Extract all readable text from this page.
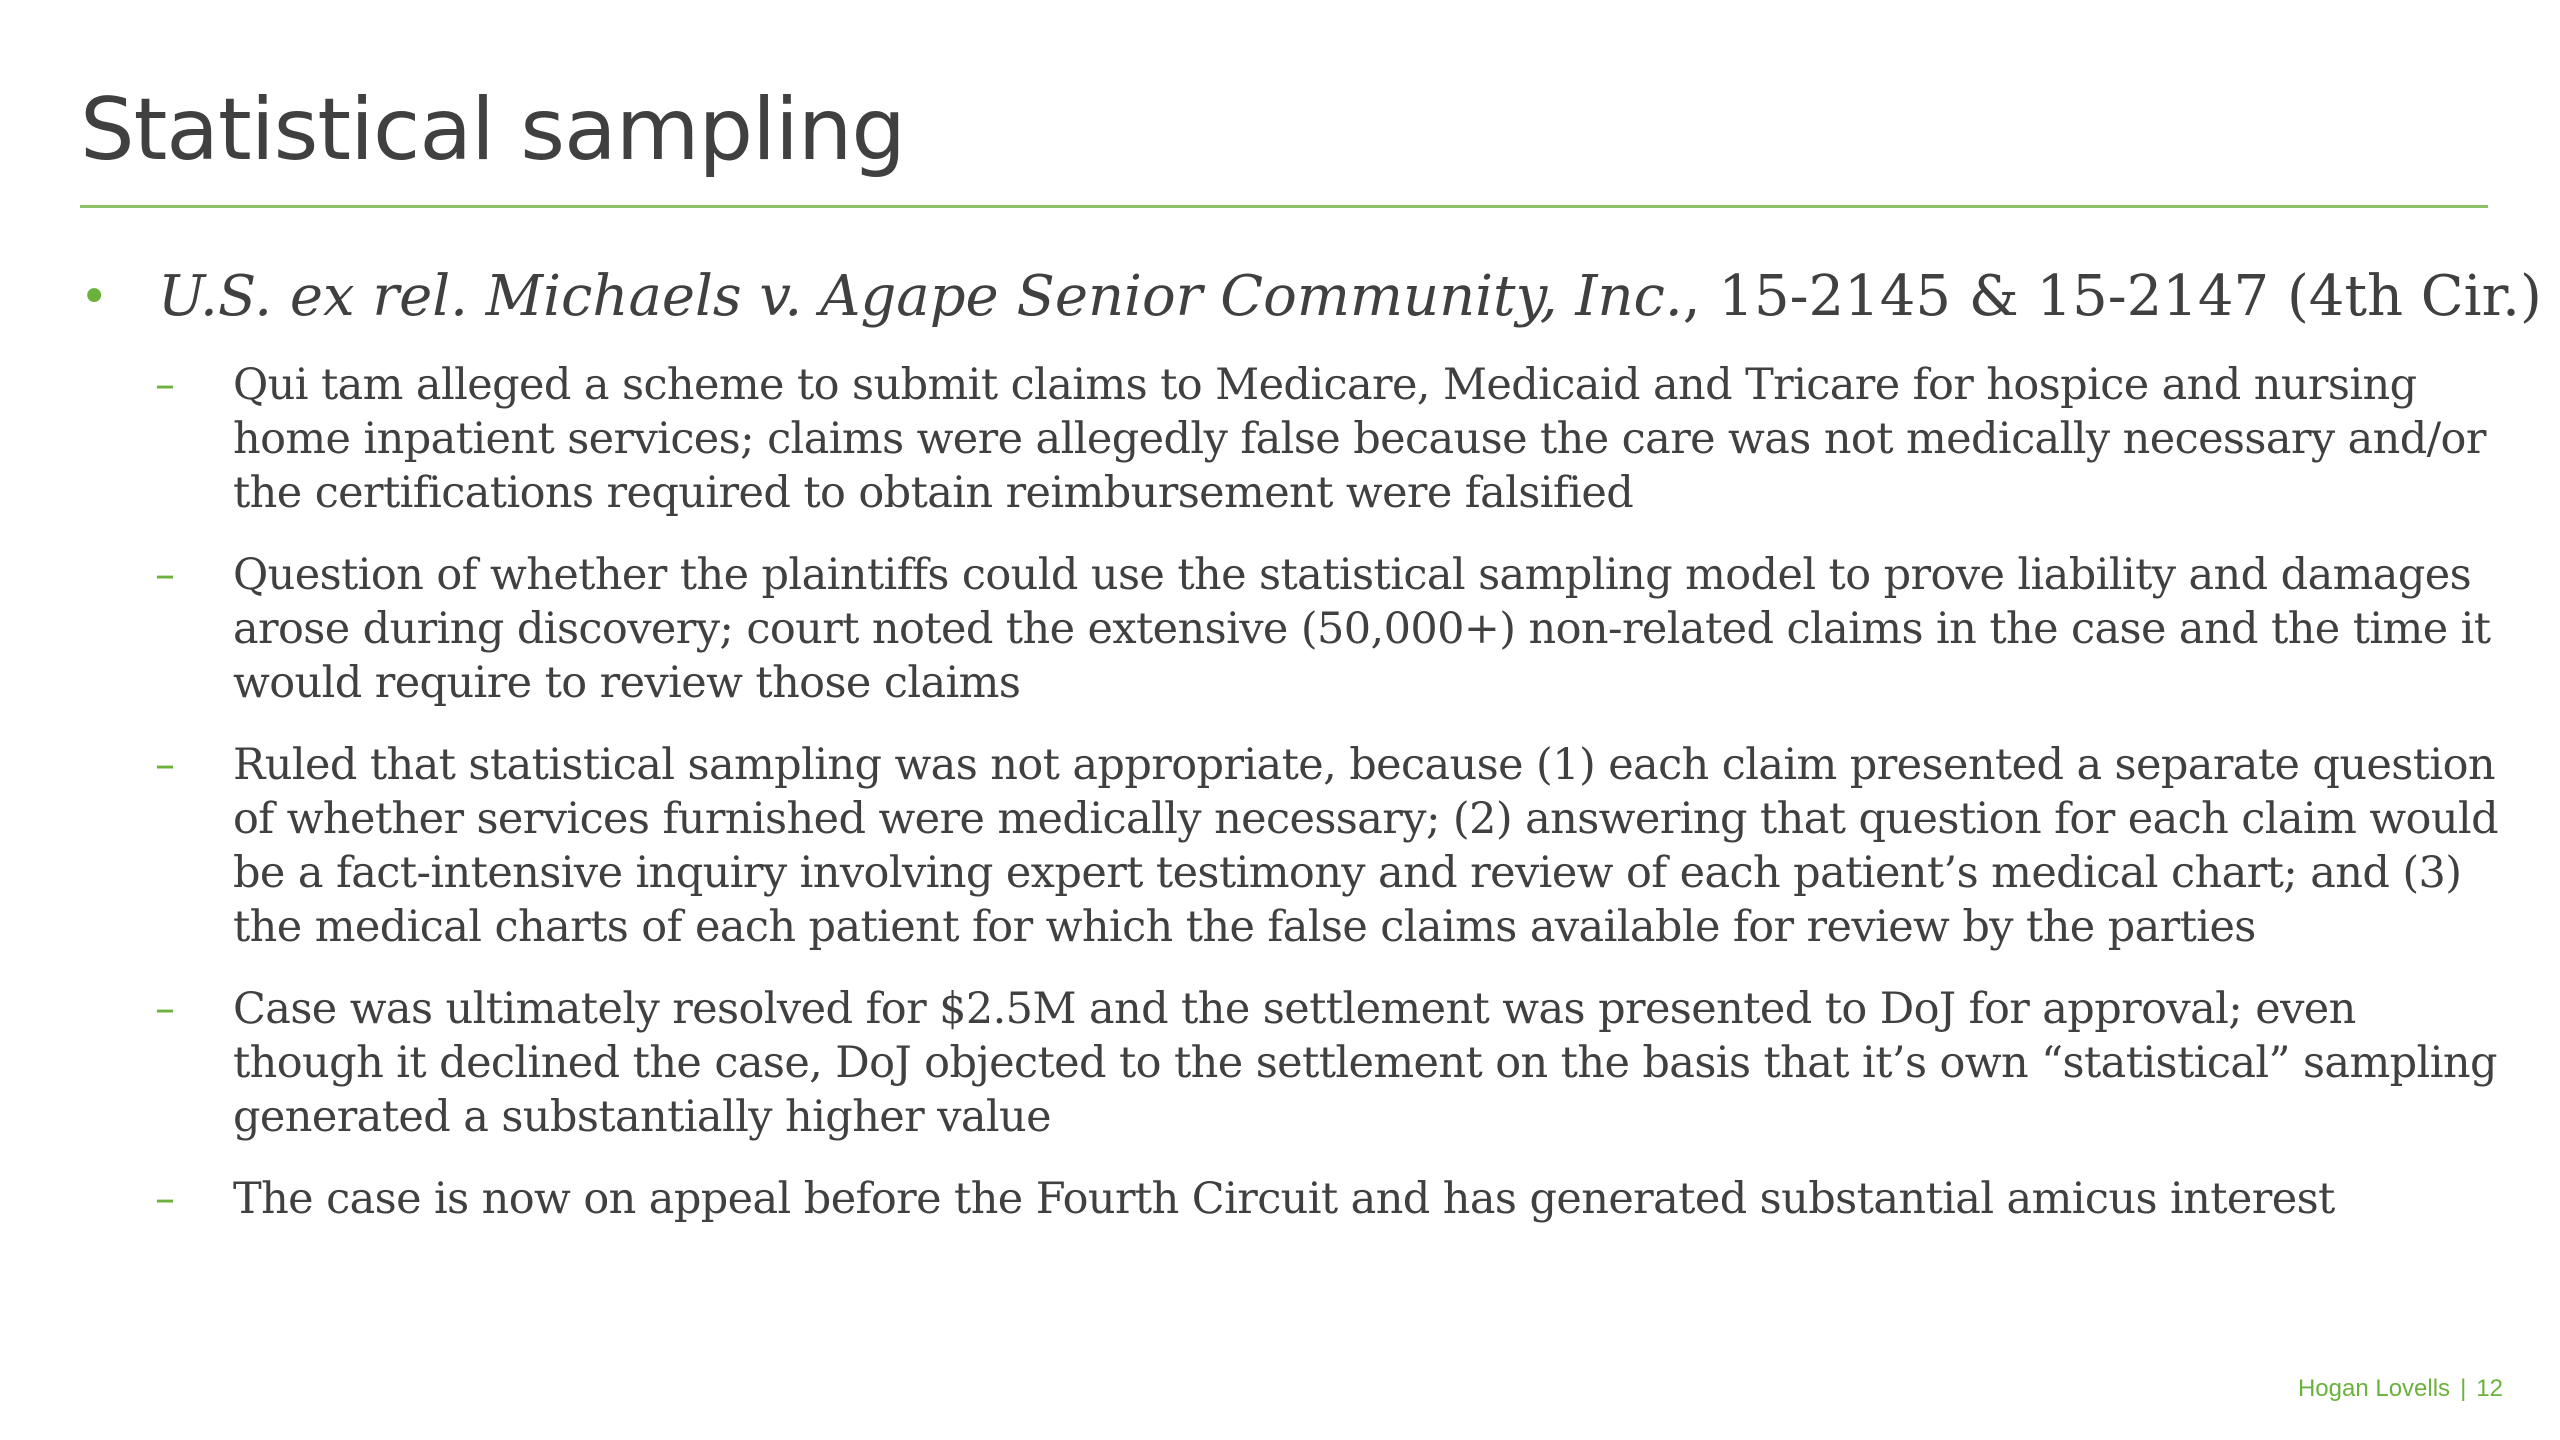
Statistical sampling
• U.S. ex rel. Michaels v. Agape Senior Community, Inc., 15-2145 & 15-2147 (4th Cir.)
– Qui tam alleged a scheme to submit claims to Medicare, Medicaid and Tricare for hospice and nursing home inpatient services; claims were allegedly false because the care was not medically necessary and/or the certifications required to obtain reimbursement were falsified
– Question of whether the plaintiffs could use the statistical sampling model to prove liability and damages arose during discovery; court noted the extensive (50,000+) non-related claims in the case and the time it would require to review those claims
– Ruled that statistical sampling was not appropriate, because (1) each claim presented a separate question of whether services furnished were medically necessary; (2) answering that question for each claim would be a fact-intensive inquiry involving expert testimony and review of each patient’s medical chart; and (3) the medical charts of each patient for which the false claims available for review by the parties
– Case was ultimately resolved for $2.5M and the settlement was presented to DoJ for approval; even though it declined the case, DoJ objected to the settlement on the basis that it’s own “statistical” sampling generated a substantially higher value
– The case is now on appeal before the Fourth Circuit and has generated substantial amicus interest
Hogan Lovells | 12
